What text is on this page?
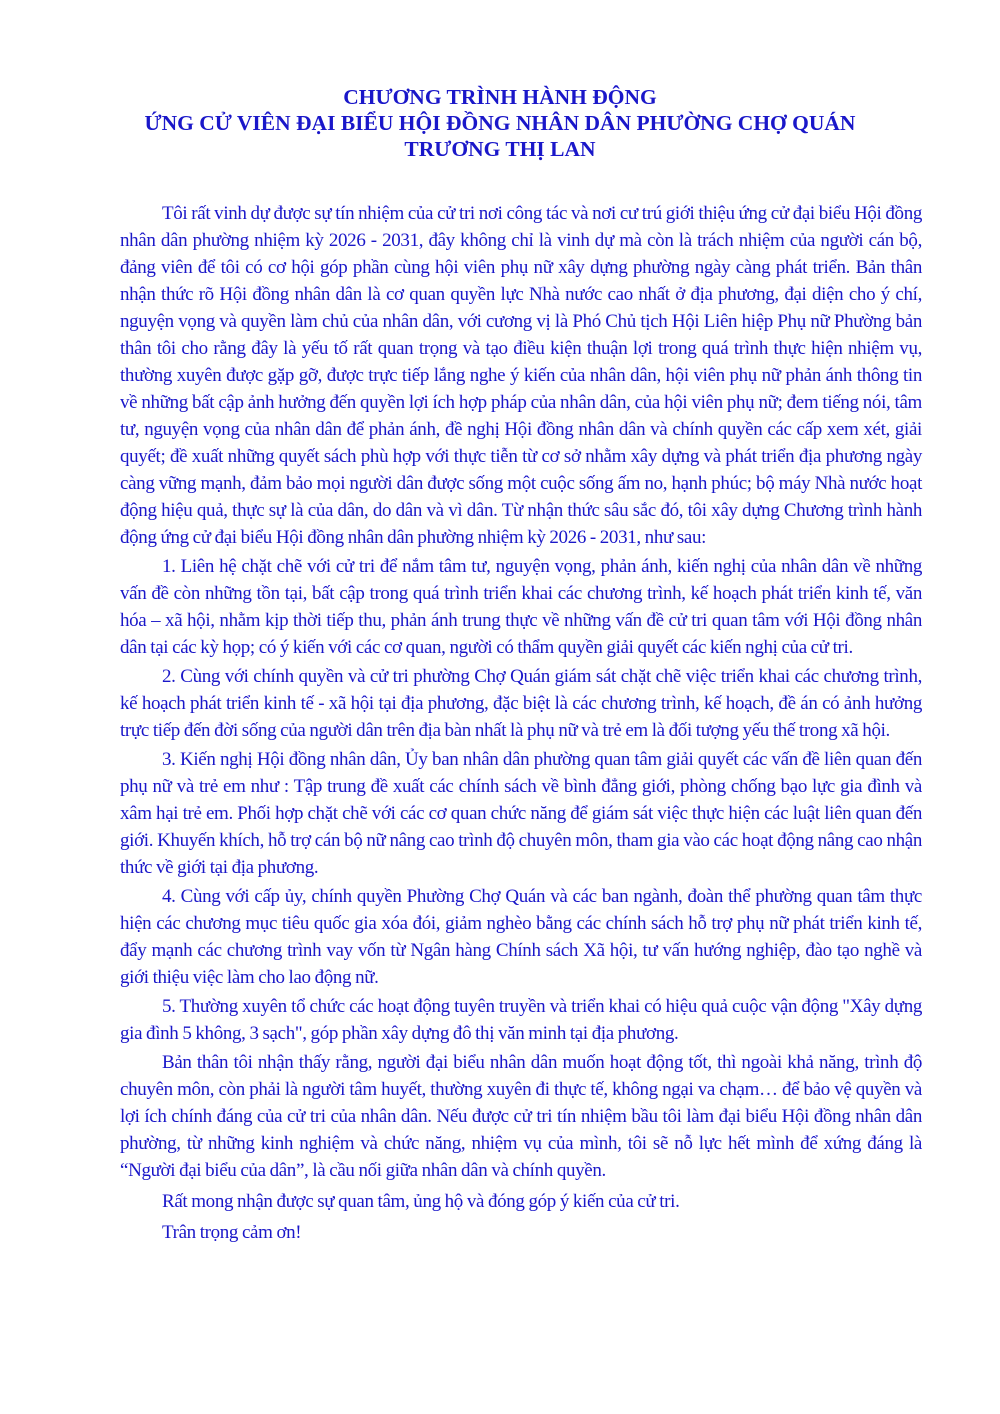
CHƯƠNG TRÌNH HÀNH ĐỘNG
ỨNG CỬ VIÊN ĐẠI BIỂU HỘI ĐỒNG NHÂN DÂN PHƯỜNG CHỢ QUÁN
TRƯƠNG THỊ LAN

Tôi rất vinh dự được sự tín nhiệm của cử tri nơi công tác và nơi cư trú giới thiệu ứng cử đại biểu Hội đồng nhân dân phường nhiệm kỳ 2026 - 2031, đây không chỉ là vinh dự mà còn là trách nhiệm của người cán bộ, đảng viên để tôi có cơ hội góp phần cùng hội viên phụ nữ xây dựng phường ngày càng phát triển. Bản thân nhận thức rõ Hội đồng nhân dân là cơ quan quyền lực Nhà nước cao nhất ở địa phương, đại diện cho ý chí, nguyện vọng và quyền làm chủ của nhân dân, với cương vị là Phó Chủ tịch Hội Liên hiệp Phụ nữ Phường bản thân tôi cho rằng đây là yếu tố rất quan trọng và tạo điều kiện thuận lợi trong quá trình thực hiện nhiệm vụ, thường xuyên được gặp gỡ, được trực tiếp lắng nghe ý kiến của nhân dân, hội viên phụ nữ phản ánh thông tin về những bất cập ảnh hưởng đến quyền lợi ích hợp pháp của nhân dân, của hội viên phụ nữ; đem tiếng nói, tâm tư, nguyện vọng của nhân dân để phản ánh, đề nghị Hội đồng nhân dân và chính quyền các cấp xem xét, giải quyết; đề xuất những quyết sách phù hợp với thực tiễn từ cơ sở nhằm xây dựng và phát triển địa phương ngày càng vững mạnh, đảm bảo mọi người dân được sống một cuộc sống ấm no, hạnh phúc; bộ máy Nhà nước hoạt động hiệu quả, thực sự là của dân, do dân và vì dân. Từ nhận thức sâu sắc đó, tôi xây dựng Chương trình hành động ứng cử đại biểu Hội đồng nhân dân phường nhiệm kỳ 2026 - 2031, như sau:

1. Liên hệ chặt chẽ với cử tri để nắm tâm tư, nguyện vọng, phản ánh, kiến nghị của nhân dân về những vấn đề còn những tồn tại, bất cập trong quá trình triển khai các chương trình, kế hoạch phát triển kinh tế, văn hóa – xã hội, nhằm kịp thời tiếp thu, phản ánh trung thực về những vấn đề cử tri quan tâm với Hội đồng nhân dân tại các kỳ họp; có ý kiến với các cơ quan, người có thẩm quyền giải quyết các kiến nghị của cử tri.

2. Cùng với chính quyền và cử tri phường Chợ Quán giám sát chặt chẽ việc triển khai các chương trình, kế hoạch phát triển kinh tế - xã hội tại địa phương, đặc biệt là các chương trình, kế hoạch, đề án có ảnh hưởng trực tiếp đến đời sống của người dân trên địa bàn nhất là phụ nữ và trẻ em là đối tượng yếu thế trong xã hội.

3. Kiến nghị Hội đồng nhân dân, Ủy ban nhân dân phường quan tâm giải quyết các vấn đề liên quan đến phụ nữ và trẻ em như : Tập trung đề xuất các chính sách về bình đẳng giới, phòng chống bạo lực gia đình và xâm hại trẻ em. Phối hợp chặt chẽ với các cơ quan chức năng để giám sát việc thực hiện các luật liên quan đến giới. Khuyến khích, hỗ trợ cán bộ nữ nâng cao trình độ chuyên môn, tham gia vào các hoạt động nâng cao nhận thức về giới tại địa phương.

4. Cùng với cấp ủy, chính quyền Phường Chợ Quán và các ban ngành, đoàn thể phường quan tâm thực hiện các chương mục tiêu quốc gia xóa đói, giảm nghèo bằng các chính sách hỗ trợ phụ nữ phát triển kinh tế, đẩy mạnh các chương trình vay vốn từ Ngân hàng Chính sách Xã hội, tư vấn hướng nghiệp, đào tạo nghề và giới thiệu việc làm cho lao động nữ.

5. Thường xuyên tổ chức các hoạt động tuyên truyền và triển khai có hiệu quả cuộc vận động "Xây dựng gia đình 5 không, 3 sạch", góp phần xây dựng đô thị văn minh tại địa phương.

Bản thân tôi nhận thấy rằng, người đại biểu nhân dân muốn hoạt động tốt, thì ngoài khả năng, trình độ chuyên môn, còn phải là người tâm huyết, thường xuyên đi thực tế, không ngại va chạm… để bảo vệ quyền và lợi ích chính đáng của cử tri của nhân dân. Nếu được cử tri tín nhiệm bầu tôi làm đại biểu Hội đồng nhân dân phường, từ những kinh nghiệm và chức năng, nhiệm vụ của mình, tôi sẽ nỗ lực hết mình để xứng đáng là “Người đại biểu của dân”, là cầu nối giữa nhân dân và chính quyền.

Rất mong nhận được sự quan tâm, ủng hộ và đóng góp ý kiến của cử tri.

Trân trọng cảm ơn!
